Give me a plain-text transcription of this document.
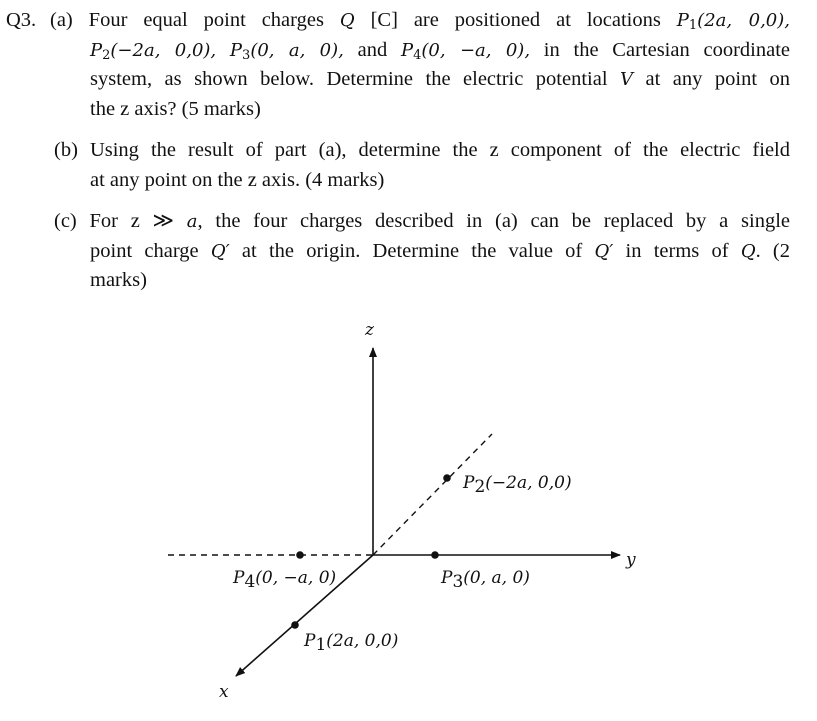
Q3. (a) Four equal point charges Q [C] are positioned at locations $P_1(2a$, 0,0),
$P_2(-2a$, 0,0), $P_3(0$, a, 0), and $P_4(0$, −a, 0), in the Cartesian coordinate
system, as shown below. Determine the electric potential V at any point on
the z axis? (5 marks)
(b) Using the result of part (a), determine the z component of the electric field
at any point on the z axis. (4 marks)
(c) For z ≫ a, the four charges described in (a) can be replaced by a single
point charge Q′ at the origin. Determine the value of Q′ in terms of Q. (2
marks)
z
y
x
P2(−2a, 0,0)
P3(0, a, 0)
P4(0, −a, 0)
P1(2a, 0,0)
